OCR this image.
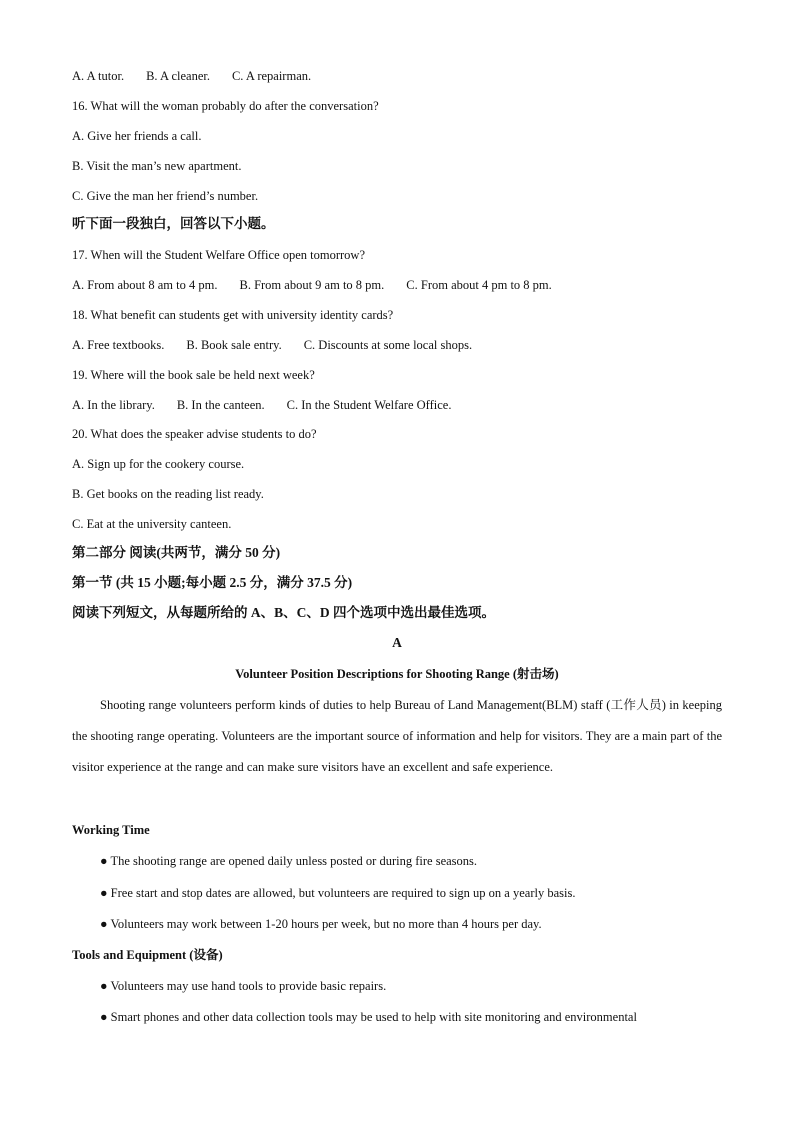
A. A tutor. B. A cleaner. C. A repairman.
16. What will the woman probably do after the conversation?
A. Give her friends a call.
B. Visit the man’s new apartment.
C. Give the man her friend’s number.
听下面一段独白，回答以下小题。
17. When will the Student Welfare Office open tomorrow?
A. From about 8 am to 4 pm. B. From about 9 am to 8 pm. C. From about 4 pm to 8 pm.
18. What benefit can students get with university identity cards?
A. Free textbooks. B. Book sale entry. C. Discounts at some local shops.
19. Where will the book sale be held next week?
A. In the library. B. In the canteen. C. In the Student Welfare Office.
20. What does the speaker advise students to do?
A. Sign up for the cookery course.
B. Get books on the reading list ready.
C. Eat at the university canteen.
第二部分 阅读(共两节，满分 50 分)
第一节 (共 15 小题;每小题 2.5 分，满分 37.5 分)
阅读下列短文，从每题所给的 A、B、C、D 四个选项中选出最佳选项。
A
Volunteer Position Descriptions for Shooting Range (射击场)
Shooting range volunteers perform kinds of duties to help Bureau of Land Management(BLM) staff (工作人员) in keeping the shooting range operating. Volunteers are the important source of information and help for visitors. They are a main part of the visitor experience at the range and can make sure visitors have an excellent and safe experience.
Working Time
● The shooting range are opened daily unless posted or during fire seasons.
● Free start and stop dates are allowed, but volunteers are required to sign up on a yearly basis.
● Volunteers may work between 1-20 hours per week, but no more than 4 hours per day.
Tools and Equipment (设备)
● Volunteers may use hand tools to provide basic repairs.
● Smart phones and other data collection tools may be used to help with site monitoring and environmental
